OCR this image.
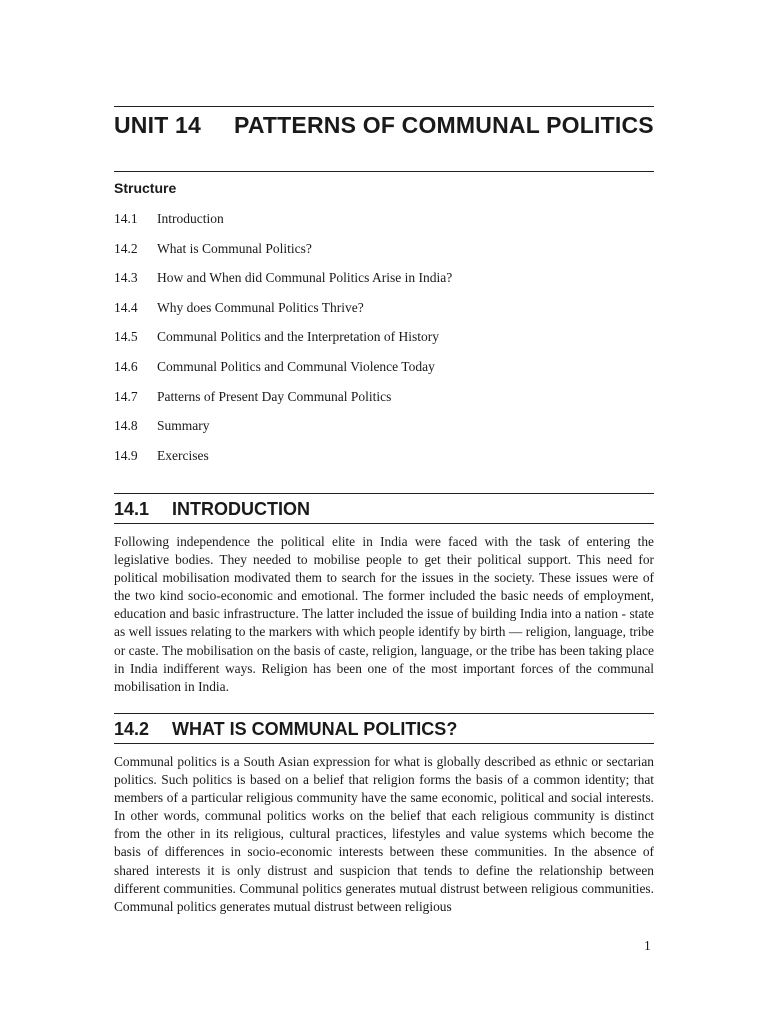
UNIT 14 PATTERNS OF COMMUNAL POLITICS
Structure
14.1 Introduction
14.2 What is Communal Politics?
14.3 How and When did Communal Politics Arise in India?
14.4 Why does Communal Politics Thrive?
14.5 Communal Politics and the Interpretation of History
14.6 Communal Politics and Communal Violence Today
14.7 Patterns of Present Day Communal Politics
14.8 Summary
14.9 Exercises
14.1 INTRODUCTION

Following independence the political elite in India were faced with the task of entering the legislative bodies. They needed to mobilise people to get their political support. This need for political mobilisation modivated them to search for the issues in the society. These issues were of the two kind socio-economic and emotional. The former included the basic needs of employment, education and basic infrastructure. The latter included the issue of building India into a nation - state as well issues relating to the markers with which people identify by birth — religion, language, tribe or caste. The mobilisation on the basis of caste, religion, language, or the tribe has been taking place in India indifferent ways. Religion has been one of the most important forces of the communal mobilisation in India.

14.2 WHAT IS COMMUNAL POLITICS?

Communal politics is a South Asian expression for what is globally described as ethnic or sectarian politics. Such politics is based on a belief that religion forms the basis of a common identity; that members of a particular religious community have the same economic, political and social interests. In other words, communal politics works on the belief that each religious community is distinct from the other in its religious, cultural practices, lifestyles and value systems which become the basis of differences in socio-economic interests between these communities. In the absence of shared interests it is only distrust and suspicion that tends to define the relationship between different communities. Communal politics generates mutual distrust between religious communities. Communal politics generates mutual distrust between religious

1
